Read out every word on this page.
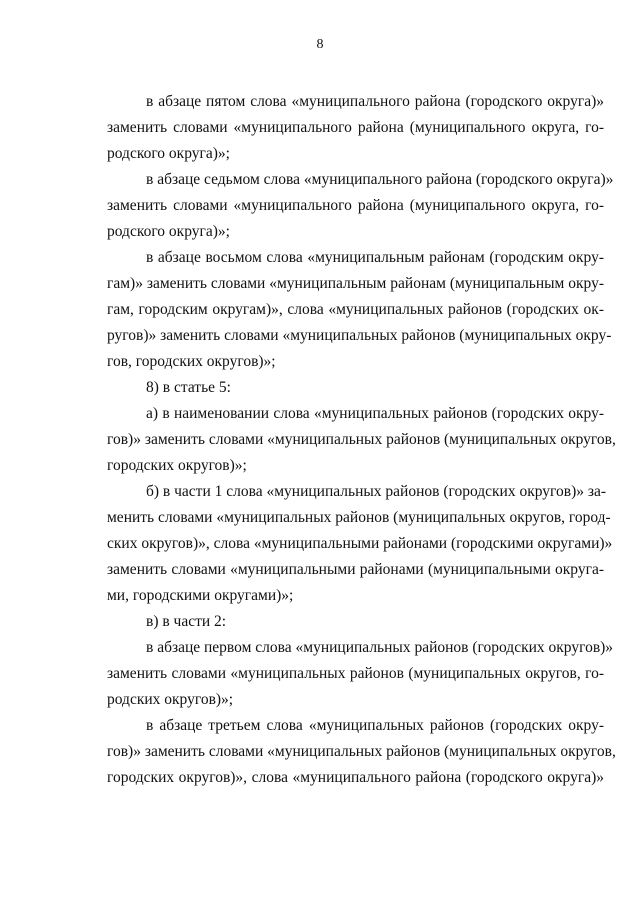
8
в абзаце пятом слова «муниципального района (городского округа)»
заменить словами «муниципального района (муниципального округа, го-
родского округа)»;
в абзаце седьмом слова «муниципального района (городского округа)»
заменить словами «муниципального района (муниципального округа, го-
родского округа)»;
в абзаце восьмом слова «муниципальным районам (городским окру-
гам)» заменить словами «муниципальным районам (муниципальным окру-
гам, городским округам)», слова «муниципальных районов (городских ок-
ругов)» заменить словами «муниципальных районов (муниципальных окру-
гов, городских округов)»;
8) в статье 5:
а) в наименовании слова «муниципальных районов (городских окру-
гов)» заменить словами «муниципальных районов (муниципальных округов,
городских округов)»;
б) в части 1 слова «муниципальных районов (городских округов)» за-
менить словами «муниципальных районов (муниципальных округов, город-
ских округов)», слова «муниципальными районами (городскими округами)»
заменить словами «муниципальными районами (муниципальными округа-
ми, городскими округами)»;
в) в части 2:
в абзаце первом слова «муниципальных районов (городских округов)»
заменить словами «муниципальных районов (муниципальных округов, го-
родских округов)»;
в абзаце третьем слова «муниципальных районов (городских окру-
гов)» заменить словами «муниципальных районов (муниципальных округов,
городских округов)», слова «муниципального района (городского округа)»
